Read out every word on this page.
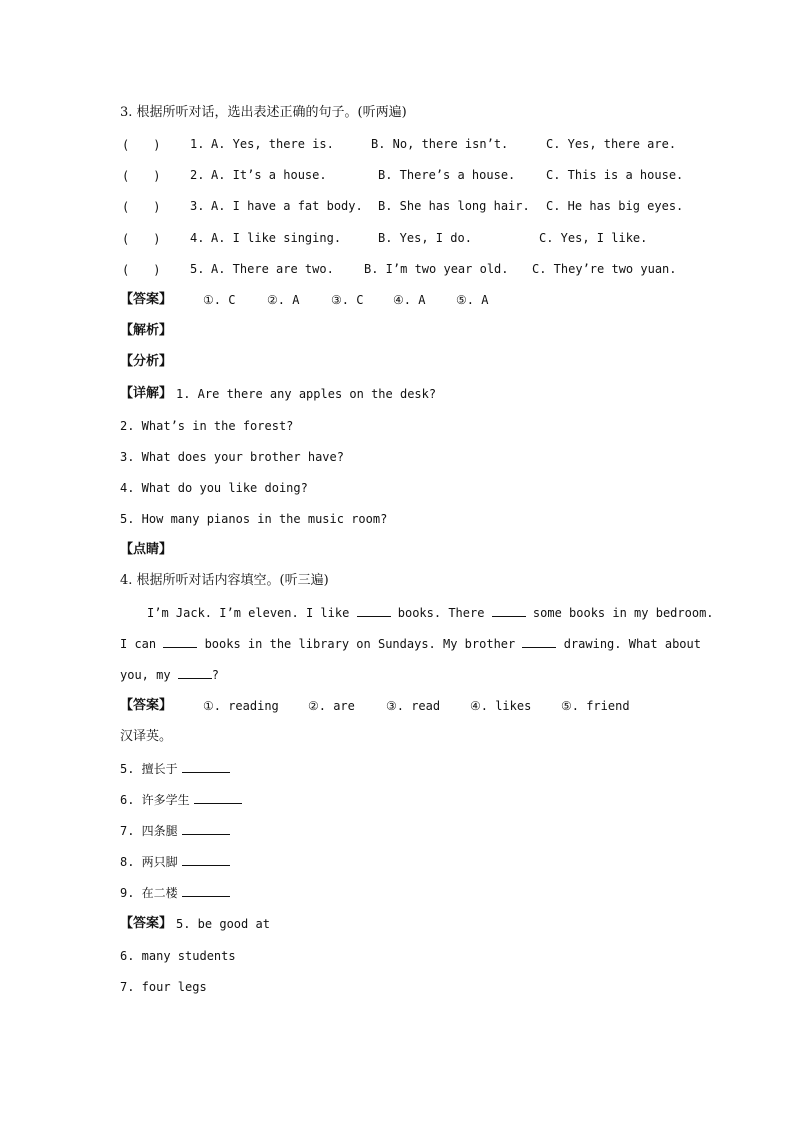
3. 根据所听对话，选出表述正确的句子。(听两遍)
(　　) 1. A. Yes, there is.	B. No, there isn’t.	C. Yes, there are.
(　　) 2. A. It’s a house.	B. There’s a house.	C. This is a house.
(　　) 3. A. I have a fat body. B. She has long hair. C. He has big eyes.
(　　) 4. A. I like singing.	B. Yes, I do.	C. Yes, I like.
(　　) 5. A. There are two.	B. I’m two year old. C. They’re two yuan.
【答案】	①. C	②. A	③. C ④. A	⑤. A
【解析】
【分析】
【详解】 1. Are there any apples on the desk?
2. What’s in the forest?
3. What does your brother have?
4. What do you like doing?
5. How many pianos in the music room?
【点睛】
4. 根据所听对话内容填空。(听三遍)
I’m Jack. I’m eleven. I like	books. There	some books in my bedroom.
I can	books in the library on Sundays. My brother	drawing. What about
you, my	?
【答案】	①. reading ②. are	③. read ④. likes ⑤. friend
汉译英。
5. 擅长于
6. 许多学生
7. 四条腿
8. 两只脚
9. 在二楼
【答案】 5. be good at
6. many students
7. four legs
